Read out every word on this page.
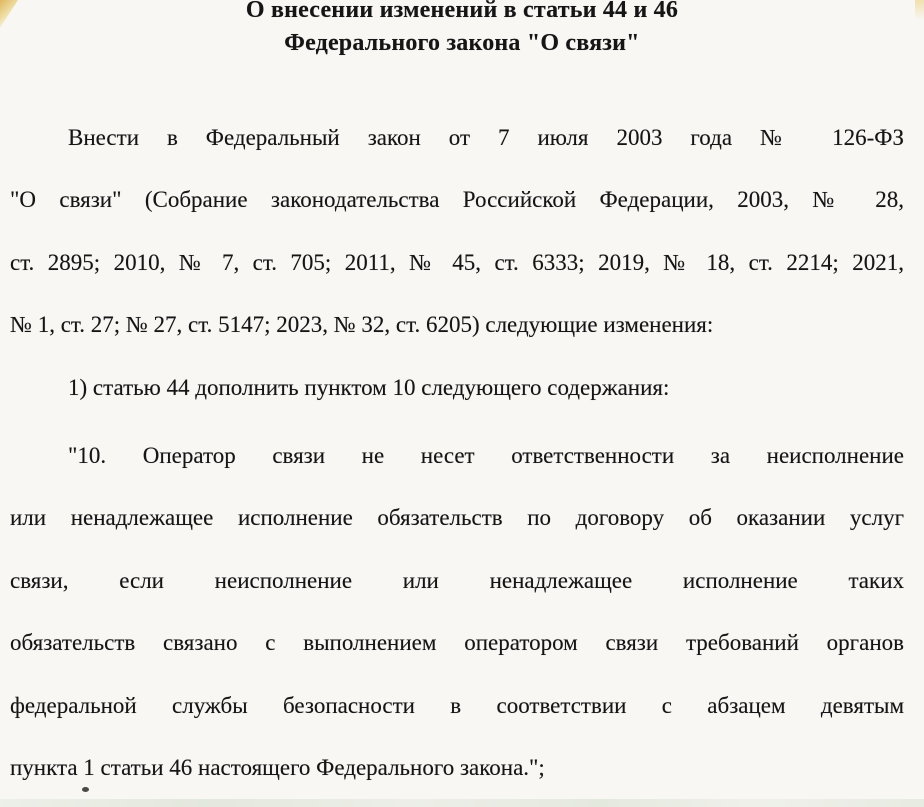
О внесении изменений в статьи 44 и 46
Федерального закона "О связи"
Внести в Федеральный закон от 7 июля 2003 года № 126-ФЗ
"О связи" (Собрание законодательства Российской Федерации, 2003, № 28,
ст. 2895; 2010, № 7, ст. 705; 2011, № 45, ст. 6333; 2019, № 18, ст. 2214; 2021,
№ 1, ст. 27; № 27, ст. 5147; 2023, № 32, ст. 6205) следующие изменения:
1) статью 44 дополнить пунктом 10 следующего содержания:
"10. Оператор связи не несет ответственности за неисполнение
или ненадлежащее исполнение обязательств по договору об оказании услуг
связи, если неисполнение или ненадлежащее исполнение таких
обязательств связано с выполнением оператором связи требований органов
федеральной службы безопасности в соответствии с абзацем девятым
пункта 1 статьи 46 настоящего Федерального закона.";
